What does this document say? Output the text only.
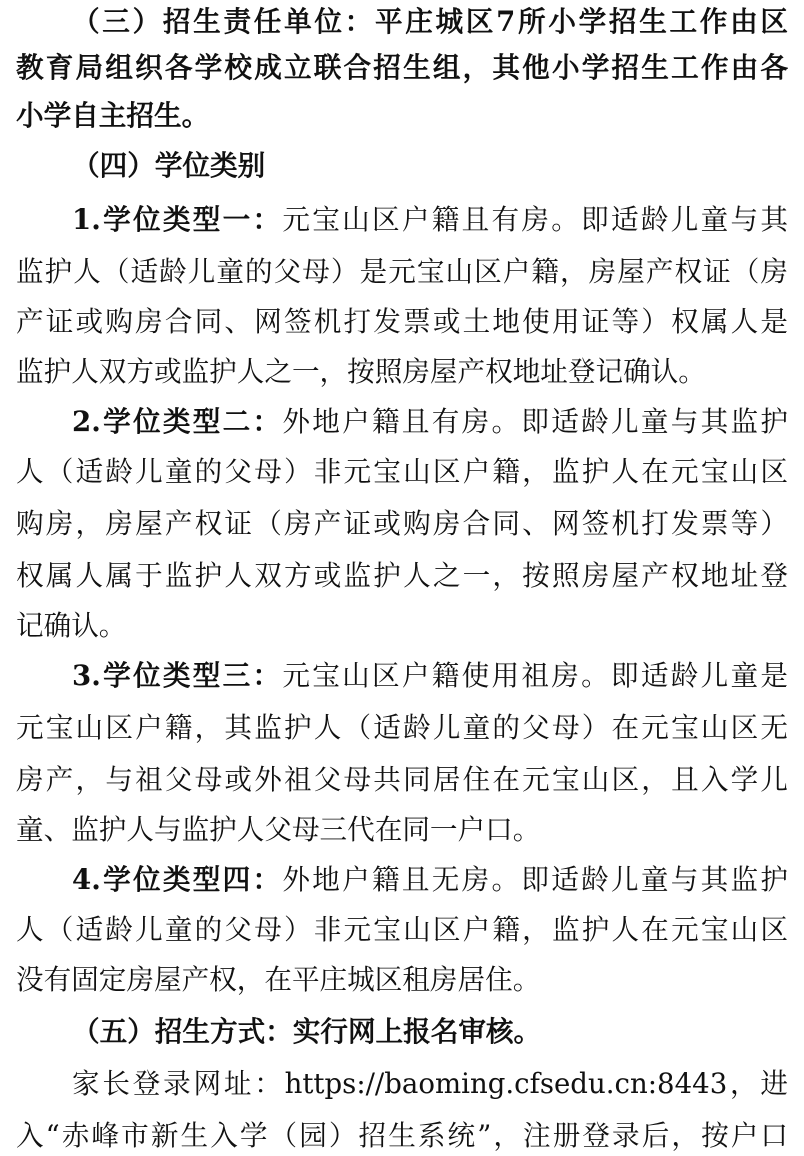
（三）招生责任单位：平庄城区7所小学招生工作由区
教育局组织各学校成立联合招生组，其他小学招生工作由各
小学自主招生。
（四）学位类别
1.学位类型一：元宝山区户籍且有房。即适龄儿童与其
监护人（适龄儿童的父母）是元宝山区户籍，房屋产权证（房
产证或购房合同、网签机打发票或土地使用证等）权属人是
监护人双方或监护人之一，按照房屋产权地址登记确认。
2.学位类型二：外地户籍且有房。即适龄儿童与其监护
人（适龄儿童的父母）非元宝山区户籍，监护人在元宝山区
购房，房屋产权证（房产证或购房合同、网签机打发票等）
权属人属于监护人双方或监护人之一，按照房屋产权地址登
记确认。
3.学位类型三：元宝山区户籍使用祖房。即适龄儿童是
元宝山区户籍，其监护人（适龄儿童的父母）在元宝山区无
房产，与祖父母或外祖父母共同居住在元宝山区，且入学儿
童、监护人与监护人父母三代在同一户口。
4.学位类型四：外地户籍且无房。即适龄儿童与其监护
人（适龄儿童的父母）非元宝山区户籍，监护人在元宝山区
没有固定房屋产权，在平庄城区租房居住。
（五）招生方式：实行网上报名审核。
家长登录网址：https://baoming.cfsedu.cn:8443，进
入“赤峰市新生入学（园）招生系统”，注册登录后，按户口
